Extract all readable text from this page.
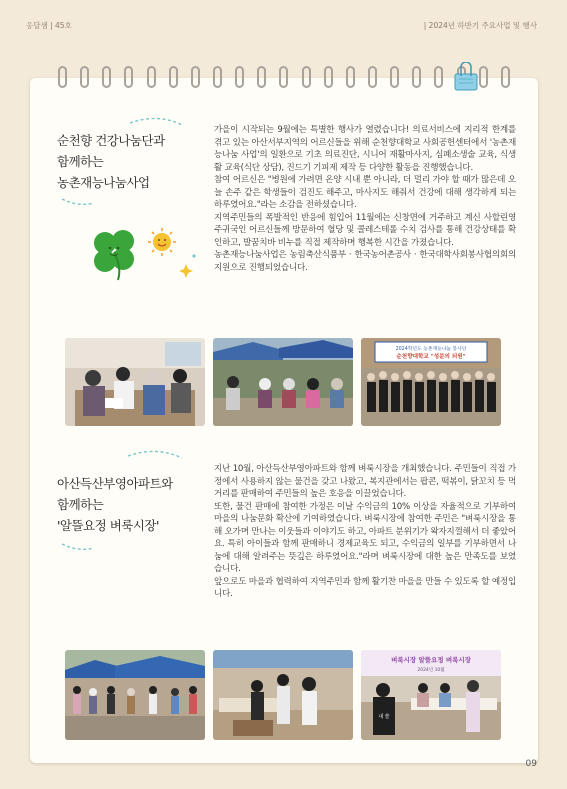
옹달샘 | 45호	| 2024년 하반기 주요사업 및 행사
순천향 건강나눔단과
함께하는
농촌재능나눔사업

가을이 시작되는 9월에는 특별한 행사가 열렸습니다! 의료서비스에 지리적 한계를 겪고 있는 아산서부지역의 어르신들을 위해 순천향대학교 사회공헌센터에서 '농촌재능나눔 사업'의 일환으로 기초 의료진단, 시니어 재활마사지, 심폐소생술 교육, 식생활 교육(식단 상담), 진드기 기피제 제작 등 다양한 활동을 진행했습니다.

참여 어르신은 "병원에 가려면 온양 시내 뿐 아니라, 더 멀리 가야 할 때가 많은데 오늘 손주 같은 학생들이 검진도 해주고, 마사지도 해줘서 건강에 대해 생각하게 되는 하루였어요."라는 소감을 전하셨습니다.

지역주민들의 폭발적인 반응에 힘입어 11월에는 신창면에 거주하고 계신 사할린영주귀국인 어르신들께 방문하여 혈당 및 콜레스테롤 수치 검사를 통해 건강상태를 확인하고, 발꿈치바 비누를 직접 제작하며 행복한 시간을 가졌습니다.

농촌재능나눔사업은 농림축산식품부 · 한국농어촌공사 · 한국대학사회봉사협의회의 지원으로 진행되었습니다.

2024학년도 농촌재능나눔 봉사단
순천향대학교 "성분의 되원"
아산득산부영아파트와
함께하는
'알뜰요정 벼룩시장'

지난 10월, 아산득산부영아파트와 함께 벼룩시장을 개최했습니다. 주민들이 직접 가정에서 사용하지 않는 물건을 갖고 나왔고, 복지관에서는 팝콘, 떡볶이, 닭꼬치 등 먹거리를 판매하여 주민들의 높은 호응을 이끌었습니다.

또한, 물건 판매에 참여한 가정은 이날 수익금의 10% 이상을 자율적으로 기부하여 마을의 나눔문화 확산에 기여하였습니다. 벼룩시장에 참여한 주민은 "벼룩시장을 통해 오가며 만나는 이웃들과 이야기도 하고, 아파트 분위기가 왁자지껄해서 더 좋았어요. 특히 아이들과 함께 판매하니 경제교육도 되고, 수익금의 일부를 기부하면서 나눔에 대해 알려주는 뜻깊은 하루였어요."라며 벼룩시장에 대한 높은 만족도를 보였습니다.

앞으로도 마을과 협력하여 지역주민과 함께 활기찬 마을을 만들 수 있도록 할 예정입니다.

벼룩시장 알뜰요정 벼룩시장
2024년 10월
내 쓸
09
